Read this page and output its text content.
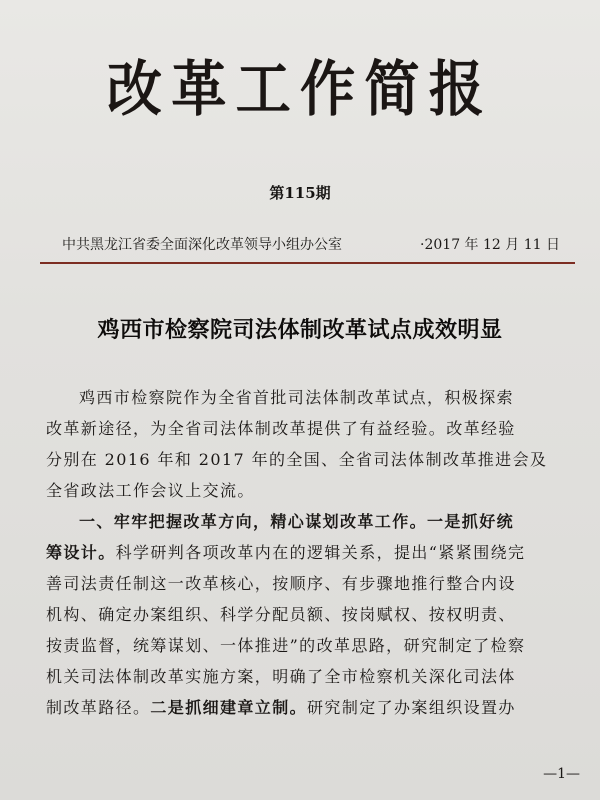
改革工作简报
第115期
中共黑龙江省委全面深化改革领导小组办公室	·2017 年 12 月 11 日
鸡西市检察院司法体制改革试点成效明显
鸡西市检察院作为全省首批司法体制改革试点，积极探索
改革新途径，为全省司法体制改革提供了有益经验。改革经验
分别在 2016 年和 2017 年的全国、全省司法体制改革推进会及
全省政法工作会议上交流。
一、牢牢把握改革方向，精心谋划改革工作。一是抓好统
筹设计。科学研判各项改革内在的逻辑关系，提出“紧紧围绕完
善司法责任制这一改革核心，按顺序、有步骤地推行整合内设
机构、确定办案组织、科学分配员额、按岗赋权、按权明责、
按责监督，统筹谋划、一体推进”的改革思路，研究制定了检察
机关司法体制改革实施方案，明确了全市检察机关深化司法体
制改革路径。二是抓细建章立制。研究制定了办案组织设置办
—1—
